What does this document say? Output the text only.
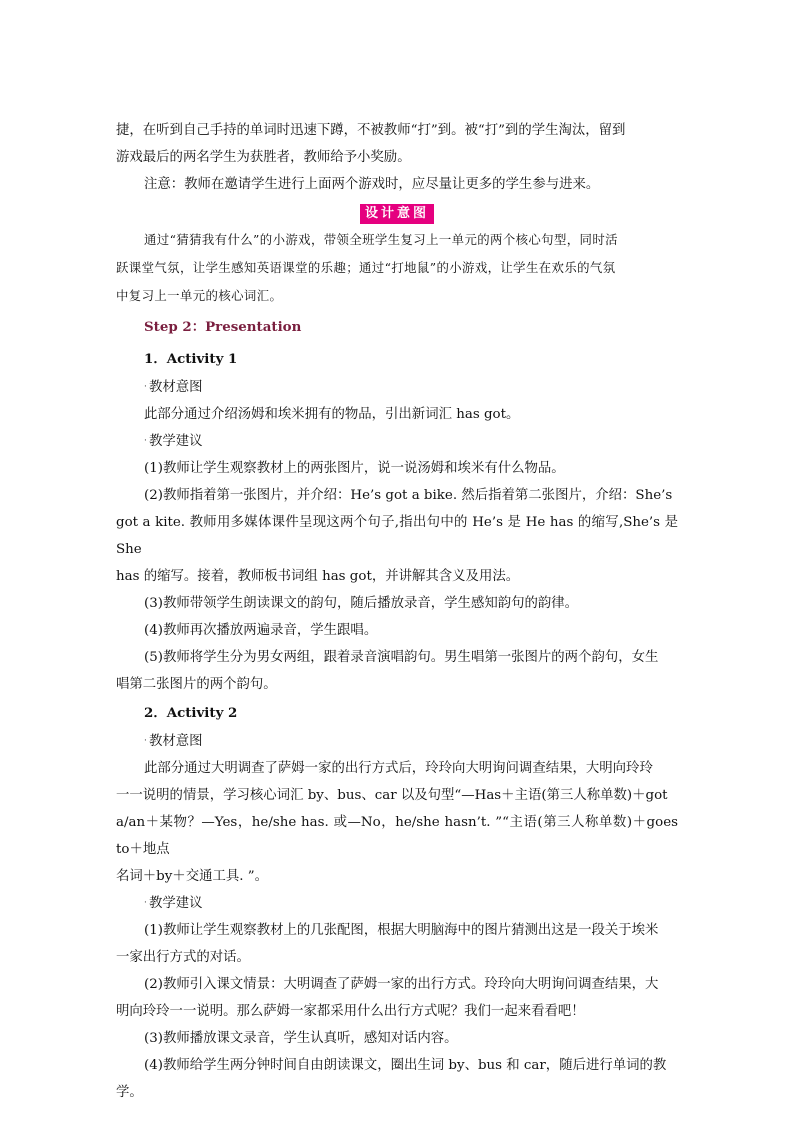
捷，在听到自己手持的单词时迅速下蹲，不被教师“打”到。被“打”到的学生淘汰，留到

游戏最后的两名学生为获胜者，教师给予小奖励。

注意：教师在邀请学生进行上面两个游戏时，应尽量让更多的学生参与进来。

设计意图

通过“猜猜我有什么”的小游戏，带领全班学生复习上一单元的两个核心句型，同时活

跃课堂气氛，让学生感知英语课堂的乐趣；通过“打地鼠”的小游戏，让学生在欢乐的气氛

中复习上一单元的核心词汇。

Step 2：Presentation

1．Activity 1

· 教材意图

此部分通过介绍汤姆和埃米拥有的物品，引出新词汇 has got。

· 教学建议

(1)教师让学生观察教材上的两张图片，说一说汤姆和埃米有什么物品。

(2)教师指着第一张图片，并介绍：He’s got a bike. 然后指着第二张图片，介绍：She’s

got a kite. 教师用多媒体课件呈现这两个句子,指出句中的 He’s 是 He has 的缩写,She’s 是 She

has 的缩写。接着，教师板书词组 has got，并讲解其含义及用法。

(3)教师带领学生朗读课文的韵句，随后播放录音，学生感知韵句的韵律。

(4)教师再次播放两遍录音，学生跟唱。

(5)教师将学生分为男女两组，跟着录音演唱韵句。男生唱第一张图片的两个韵句，女生

唱第二张图片的两个韵句。

2．Activity 2

· 教材意图

此部分通过大明调查了萨姆一家的出行方式后，玲玲向大明询问调查结果，大明向玲玲

一一说明的情景，学习核心词汇 by、bus、car 以及句型“—Has＋主语(第三人称单数)＋got

a/an＋某物？—Yes，he/she has. 或—No，he/she hasn’t. ”“主语(第三人称单数)＋goes to＋地点

名词＋by＋交通工具. ”。

· 教学建议

(1)教师让学生观察教材上的几张配图，根据大明脑海中的图片猜测出这是一段关于埃米

一家出行方式的对话。

(2)教师引入课文情景：大明调查了萨姆一家的出行方式。玲玲向大明询问调查结果，大

明向玲玲一一说明。那么萨姆一家都采用什么出行方式呢？我们一起来看看吧！

(3)教师播放课文录音，学生认真听，感知对话内容。

(4)教师给学生两分钟时间自由朗读课文，圈出生词 by、bus 和 car，随后进行单词的教

学。
